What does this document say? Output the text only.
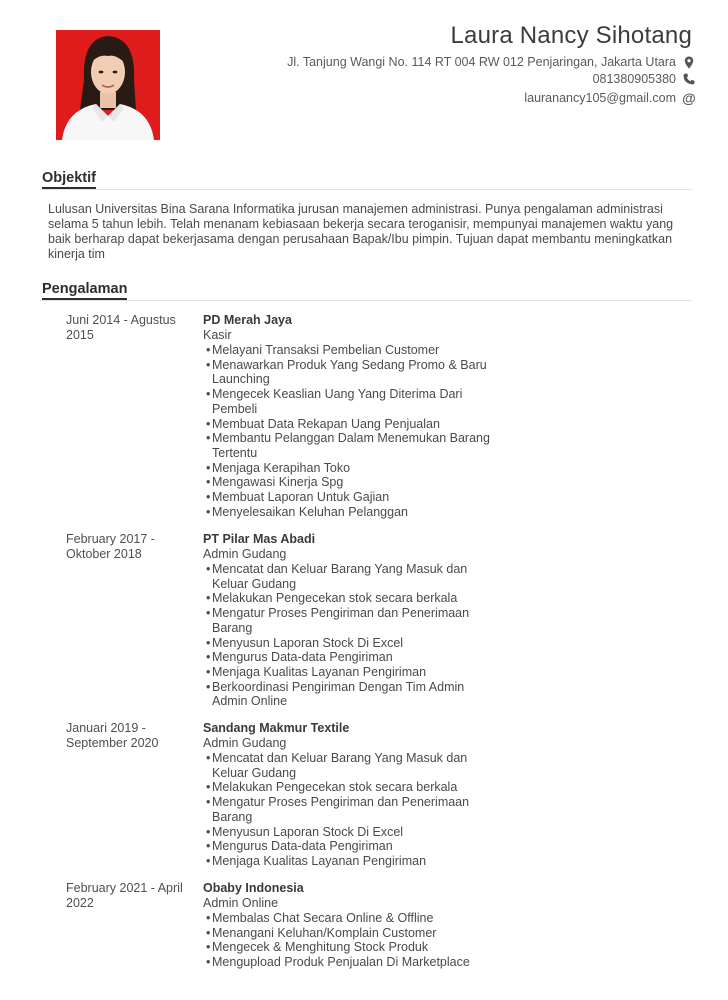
Laura Nancy Sihotang
Jl. Tanjung Wangi No. 114 RT 004 RW 012 Penjaringan, Jakarta Utara
081380905380
lauranancy105@gmail.com @
Objektif
Lulusan Universitas Bina Sarana Informatika jurusan manajemen administrasi. Punya pengalaman administrasi selama 5 tahun lebih. Telah menanam kebiasaan bekerja secara teroganisir, mempunyai manajemen waktu yang baik berharap dapat bekerjasama dengan perusahaan Bapak/Ibu pimpin. Tujuan dapat membantu meningkatkan kinerja tim
Pengalaman
Juni 2014 - Agustus 2015
PD Merah Jaya
Kasir
• Melayani Transaksi Pembelian Customer
• Menawarkan Produk Yang Sedang Promo & Baru Launching
• Mengecek Keaslian Uang Yang Diterima Dari Pembeli
• Membuat Data Rekapan Uang Penjualan
• Membantu Pelanggan Dalam Menemukan Barang Tertentu
• Menjaga Kerapihan Toko
• Mengawasi Kinerja Spg
• Membuat Laporan Untuk Gajian
• Menyelesaikan Keluhan Pelanggan
February 2017 - Oktober 2018
PT Pilar Mas Abadi
Admin Gudang
• Mencatat dan Keluar Barang Yang Masuk dan Keluar Gudang
• Melakukan Pengecekan stok secara berkala
• Mengatur Proses Pengiriman dan Penerimaan Barang
• Menyusun Laporan Stock Di Excel
• Mengurus Data-data Pengiriman
• Menjaga Kualitas Layanan Pengiriman
• Berkoordinasi Pengiriman Dengan Tim Admin Admin Online
Januari 2019 - September 2020
Sandang Makmur Textile
Admin Gudang
• Mencatat dan Keluar Barang Yang Masuk dan Keluar Gudang
• Melakukan Pengecekan stok secara berkala
• Mengatur Proses Pengiriman dan Penerimaan Barang
• Menyusun Laporan Stock Di Excel
• Mengurus Data-data Pengiriman
• Menjaga Kualitas Layanan Pengiriman
February 2021 - April 2022
Obaby Indonesia
Admin Online
• Membalas Chat Secara Online & Offline
• Menangani Keluhan/Komplain Customer
• Mengecek & Menghitung Stock Produk
• Mengupload Produk Penjualan Di Marketplace
